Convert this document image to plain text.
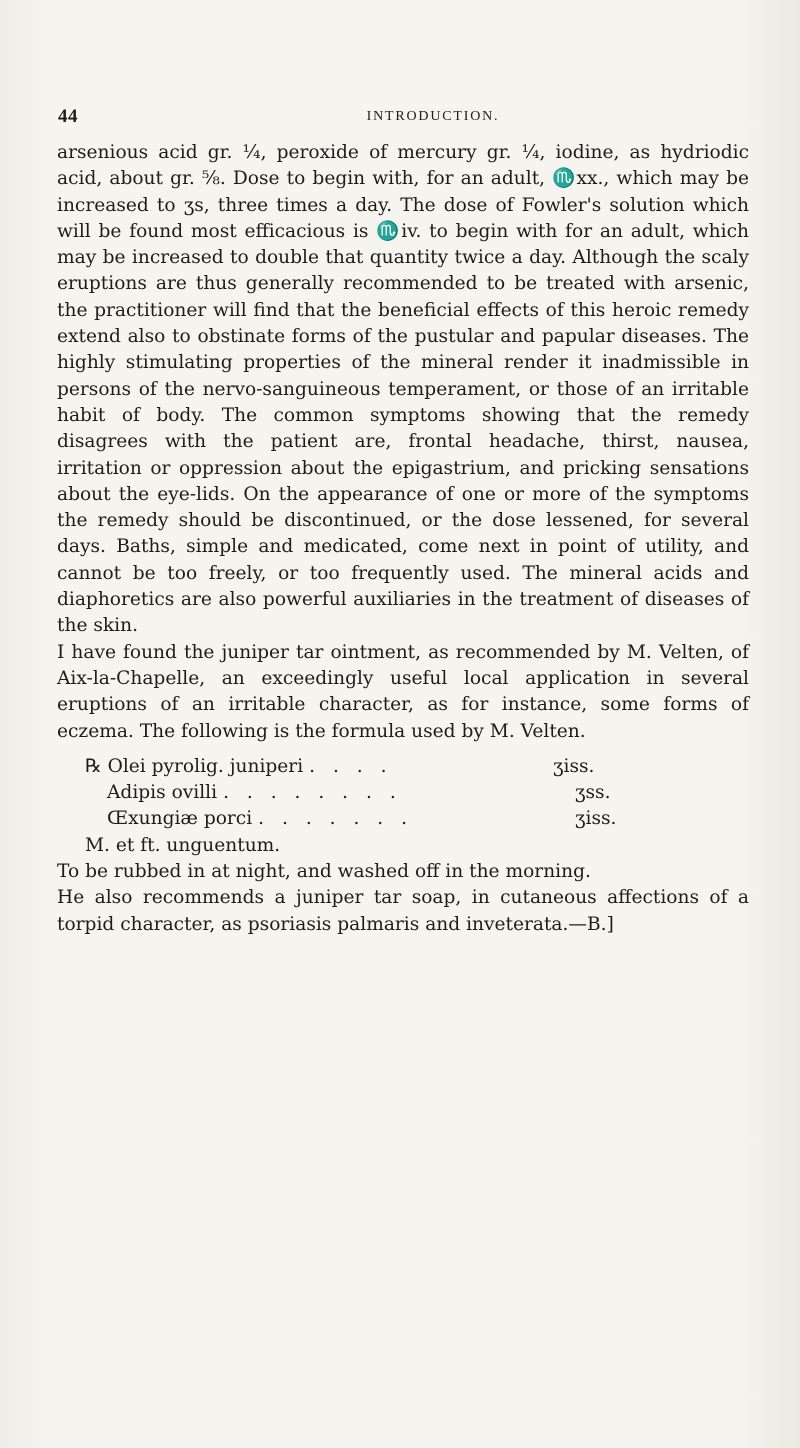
44	INTRODUCTION.

arsenious acid gr. ¼, peroxide of mercury gr. ¼, iodine, as hydriodic acid, about gr. ⅝. Dose to begin with, for an adult, ♏xx., which may be increased to ʒs, three times a day. The dose of Fowler's solution which will be found most efficacious is ♏iv. to begin with for an adult, which may be increased to double that quantity twice a day. Although the scaly eruptions are thus generally recommended to be treated with arsenic, the practitioner will find that the beneficial effects of this heroic remedy extend also to obstinate forms of the pustular and papular diseases. The highly stimulating properties of the mineral render it inadmissible in persons of the nervo-sanguineous temperament, or those of an irritable habit of body. The common symptoms showing that the remedy disagrees with the patient are, frontal headache, thirst, nausea, irritation or oppression about the epigastrium, and pricking sensations about the eye-lids. On the appearance of one or more of the symptoms the remedy should be discontinued, or the dose lessened, for several days. Baths, simple and medicated, come next in point of utility, and cannot be too freely, or too frequently used. The mineral acids and diaphoretics are also powerful auxiliaries in the treatment of diseases of the skin.

I have found the juniper tar ointment, as recommended by M. Velten, of Aix-la-Chapelle, an exceedingly useful local application in several eruptions of an irritable character, as for instance, some forms of eczema. The following is the formula used by M. Velten.

℞ Olei pyrolig. juniperi . . . .	ʒiss.
Adipis ovilli . . . . . . . .	ʒss.
Œxungiæ porci . . . . . . .	ʒiss.
M. et ft. unguentum.

To be rubbed in at night, and washed off in the morning.

He also recommends a juniper tar soap, in cutaneous affections of a torpid character, as psoriasis palmaris and inveterata.—B.]
